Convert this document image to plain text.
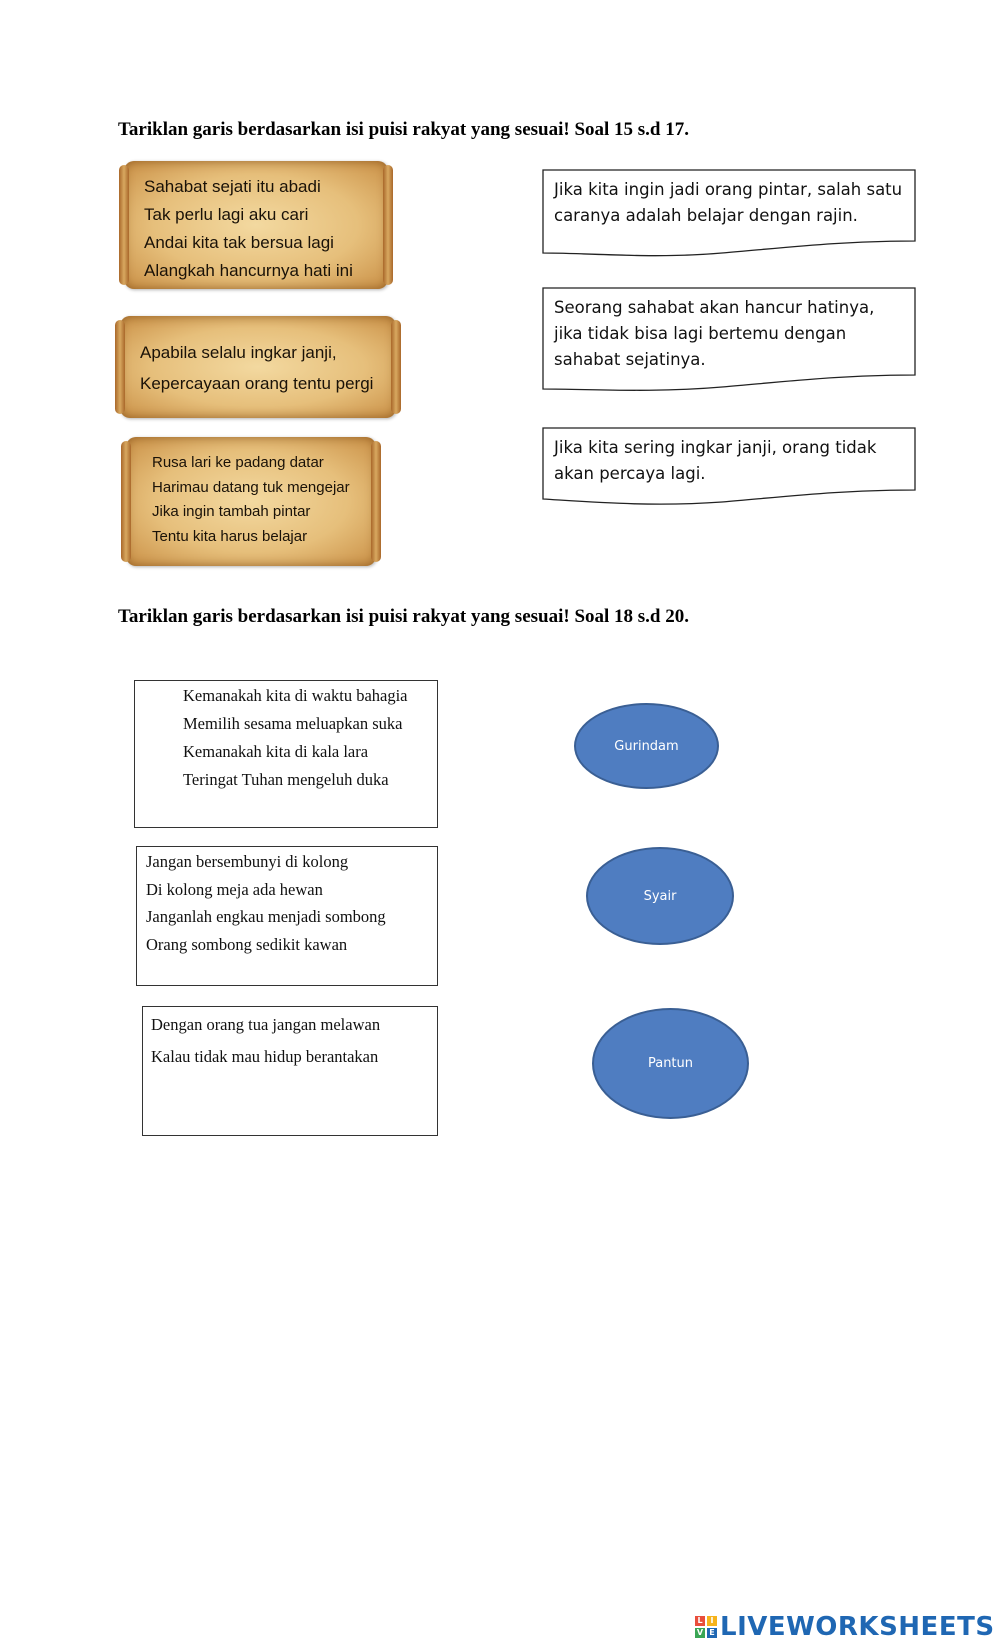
Tariklan garis berdasarkan isi puisi rakyat yang sesuai! Soal 15 s.d 17.

Sahabat sejati itu abadi
Tak perlu lagi aku cari
Andai kita tak bersua lagi
Alangkah hancurnya hati ini
Apabila selalu ingkar janji,
Kepercayaan orang tentu pergi
Rusa lari ke padang datar
Harimau datang tuk mengejar
Jika ingin tambah pintar
Tentu kita harus belajar
Jika kita ingin jadi orang pintar, salah satu caranya adalah belajar dengan rajin.
Seorang sahabat akan hancur hatinya, jika tidak bisa lagi bertemu dengan sahabat sejatinya.
Jika kita sering ingkar janji, orang tidak akan percaya lagi.

Tariklan garis berdasarkan isi puisi rakyat yang sesuai! Soal 18 s.d 20.

Kemanakah kita di waktu bahagia
Memilih sesama meluapkan suka
Kemanakah kita di kala lara
Teringat Tuhan mengeluh duka
Jangan bersembunyi di kolong
Di kolong meja ada hewan
Janganlah engkau menjadi sombong
Orang sombong sedikit kawan
Dengan orang tua jangan melawan
Kalau tidak mau hidup berantakan
Gurindam
Syair
Pantun
L I
V E LIVEWORKSHEETS
